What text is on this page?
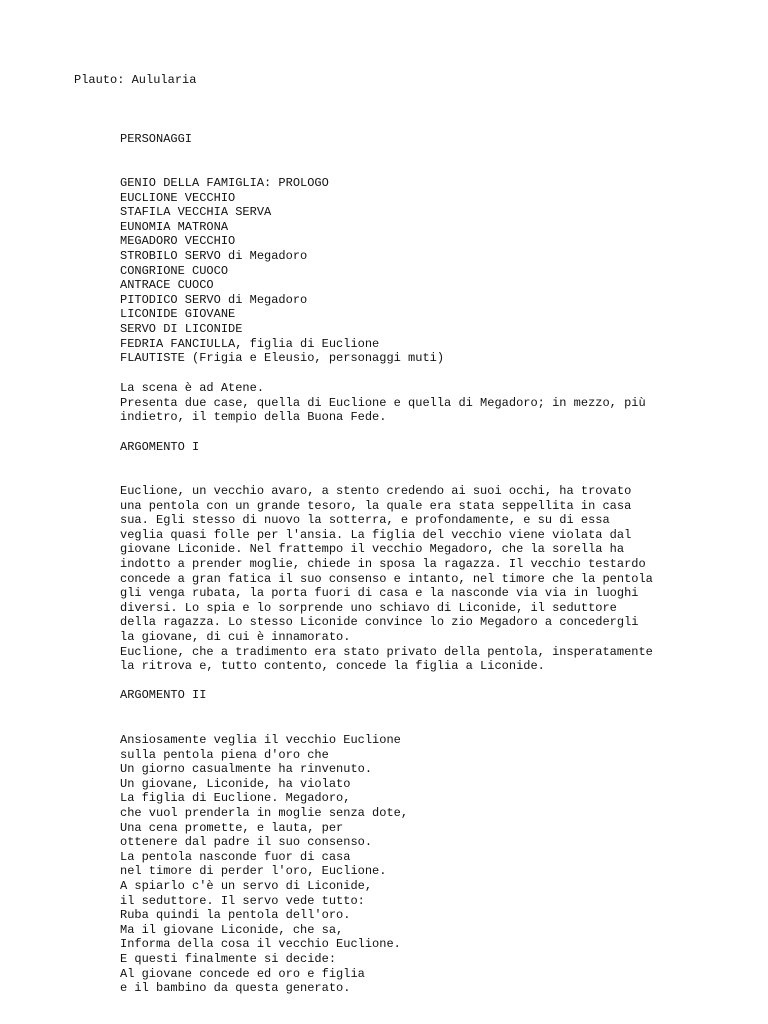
Plauto: Aulularia
PERSONAGGI
GENIO DELLA FAMIGLIA: PROLOGO
EUCLIONE VECCHIO
STAFILA VECCHIA SERVA
EUNOMIA MATRONA
MEGADORO VECCHIO
STROBILO SERVO di Megadoro
CONGRIONE CUOCO
ANTRACE CUOCO
PITODICO SERVO di Megadoro
LICONIDE GIOVANE
SERVO DI LICONIDE
FEDRIA FANCIULLA, figlia di Euclione
FLAUTISTE (Frigia e Eleusio, personaggi muti)
La scena è ad Atene.
Presenta due case, quella di Euclione e quella di Megadoro; in mezzo, più
indietro, il tempio della Buona Fede.
ARGOMENTO I
Euclione, un vecchio avaro, a stento credendo ai suoi occhi, ha trovato
una pentola con un grande tesoro, la quale era stata seppellita in casa
sua. Egli stesso di nuovo la sotterra, e profondamente, e su di essa
veglia quasi folle per l'ansia. La figlia del vecchio viene violata dal
giovane Liconide. Nel frattempo il vecchio Megadoro, che la sorella ha
indotto a prender moglie, chiede in sposa la ragazza. Il vecchio testardo
concede a gran fatica il suo consenso e intanto, nel timore che la pentola
gli venga rubata, la porta fuori di casa e la nasconde via via in luoghi
diversi. Lo spia e lo sorprende uno schiavo di Liconide, il seduttore
della ragazza. Lo stesso Liconide convince lo zio Megadoro a concedergli
la giovane, di cui è innamorato.
Euclione, che a tradimento era stato privato della pentola, insperatamente
la ritrova e, tutto contento, concede la figlia a Liconide.
ARGOMENTO II
Ansiosamente veglia il vecchio Euclione
sulla pentola piena d'oro che
Un giorno casualmente ha rinvenuto.
Un giovane, Liconide, ha violato
La figlia di Euclione. Megadoro,
che vuol prenderla in moglie senza dote,
Una cena promette, e lauta, per
ottenere dal padre il suo consenso.
La pentola nasconde fuor di casa
nel timore di perder l'oro, Euclione.
A spiarlo c'è un servo di Liconide,
il seduttore. Il servo vede tutto:
Ruba quindi la pentola dell'oro.
Ma il giovane Liconide, che sa,
Informa della cosa il vecchio Euclione.
E questi finalmente si decide:
Al giovane concede ed oro e figlia
e il bambino da questa generato.
